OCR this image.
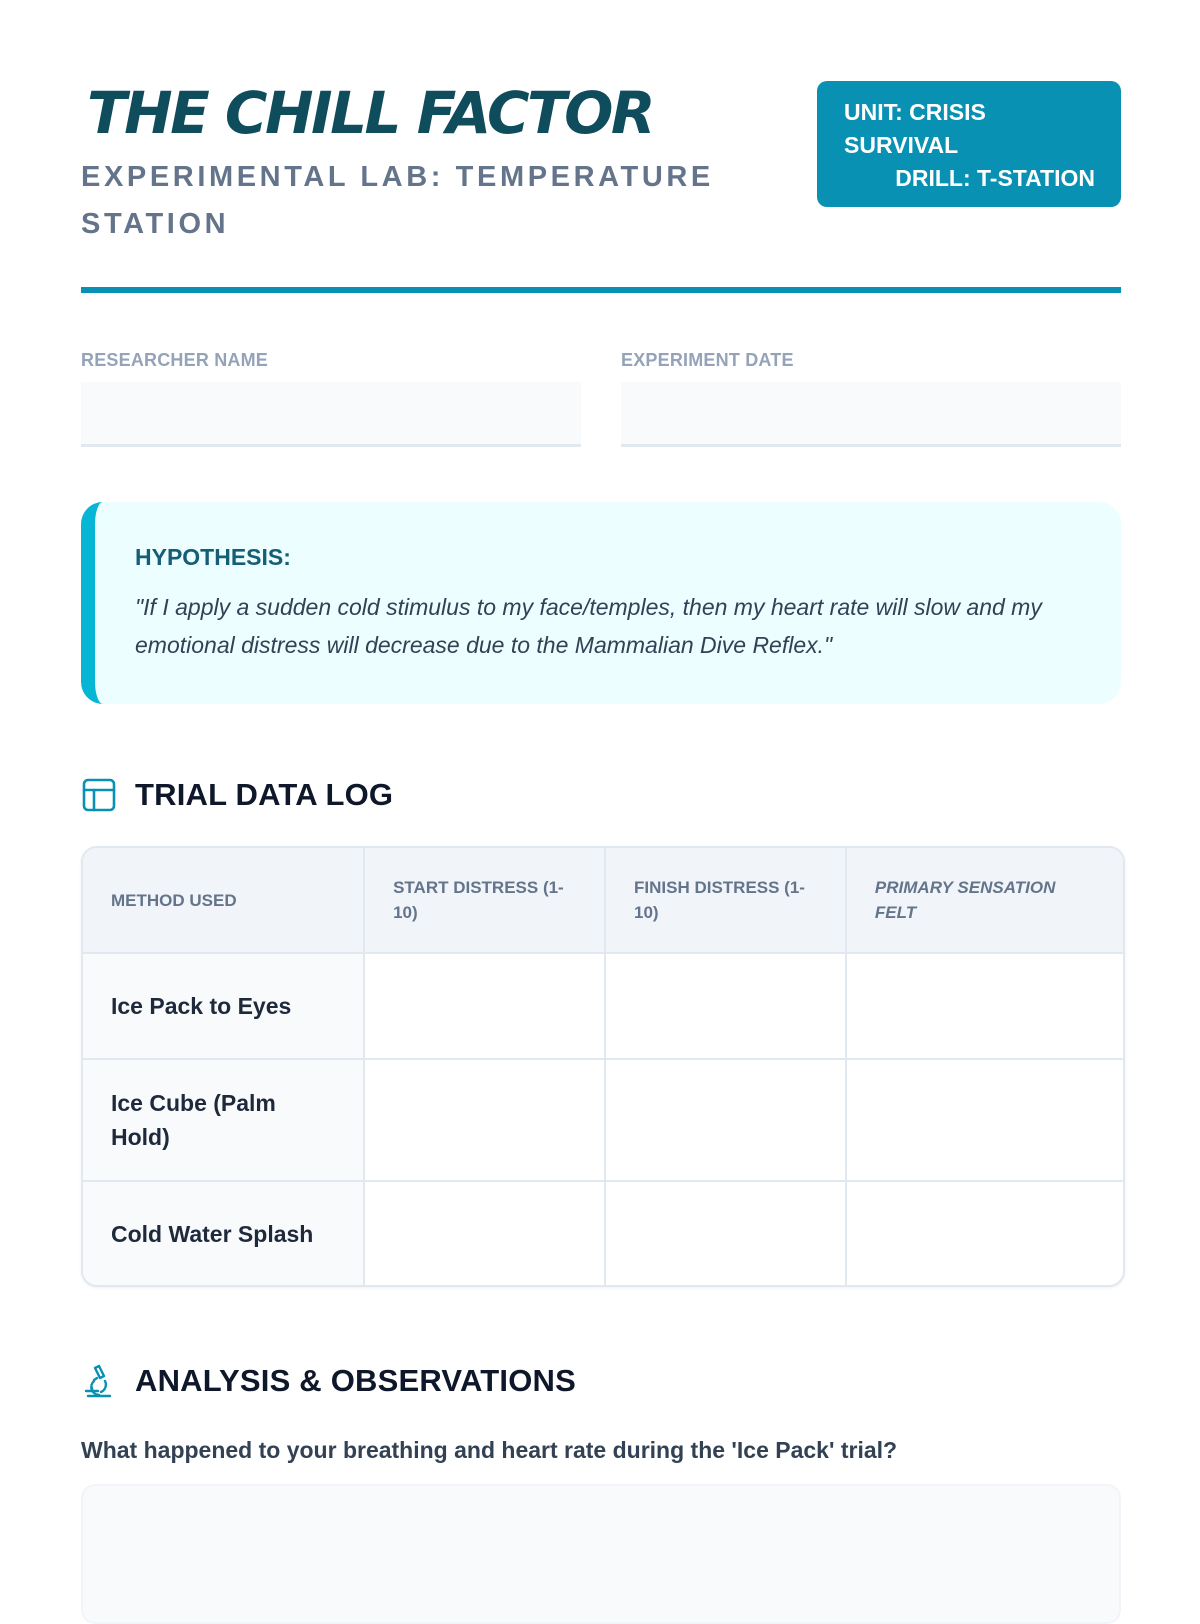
THE CHILL FACTOR
EXPERIMENTAL LAB: TEMPERATURE STATION
UNIT: CRISIS SURVIVAL
DRILL: T-STATION
RESEARCHER NAME	EXPERIMENT DATE
HYPOTHESIS:
"If I apply a sudden cold stimulus to my face/temples, then my heart rate will slow and my emotional distress will decrease due to the Mammalian Dive Reflex."
TRIAL DATA LOG
METHOD USED	START DISTRESS (1-10)	FINISH DISTRESS (1-10)	PRIMARY SENSATION FELT
Ice Pack to Eyes			
Ice Cube (Palm Hold)			
Cold Water Splash			
ANALYSIS & OBSERVATIONS
What happened to your breathing and heart rate during the 'Ice Pack' trial?
